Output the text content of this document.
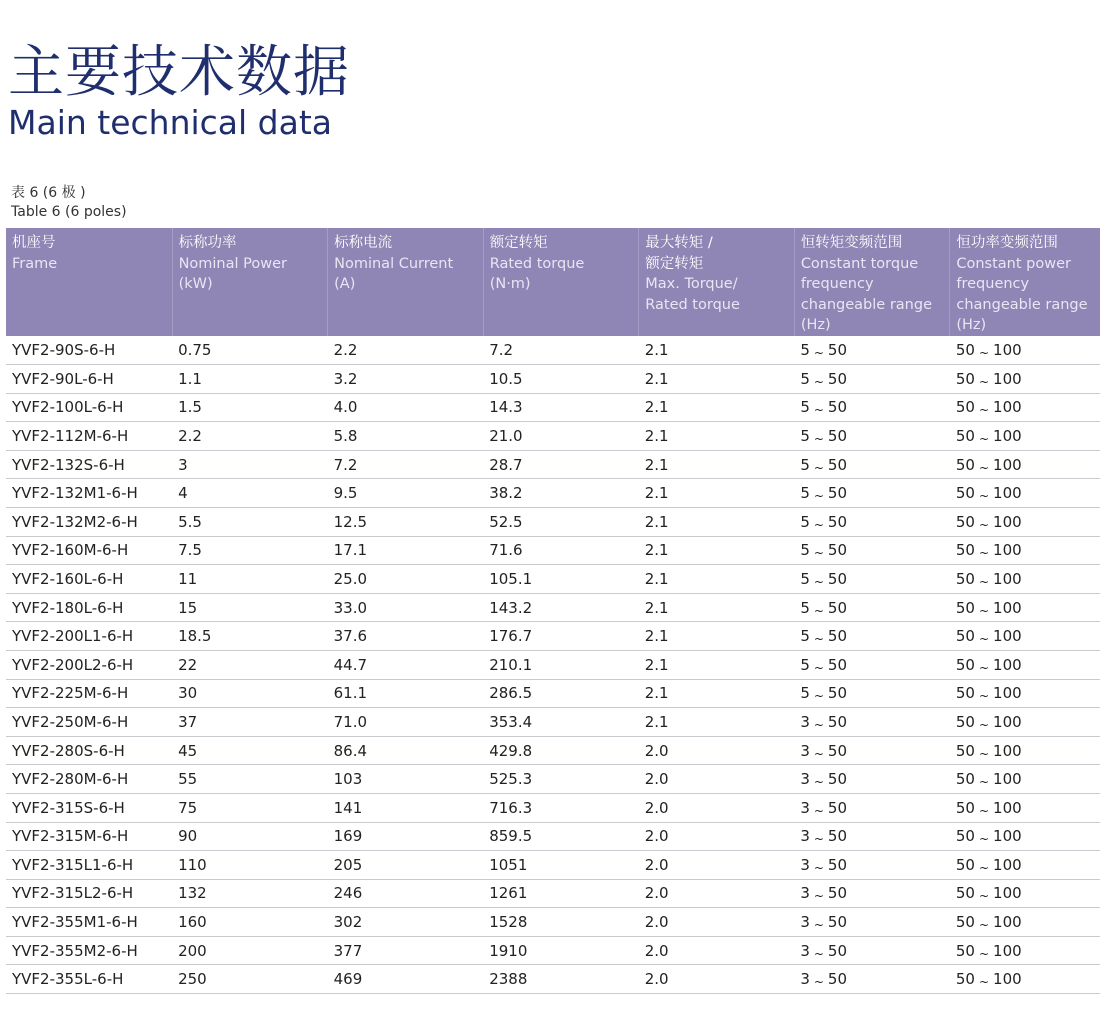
主要技术数据
Main technical data
表 6 (6 极 )
Table 6 (6 poles)
机座号
Frame	标称功率
Nominal Power
(kW)	标称电流
Nominal Current
(A)	额定转矩
Rated torque
(N·m)	最大转矩 /
额定转矩
Max. Torque/
Rated torque	恒转矩变频范围
Constant torque
frequency
changeable range
(Hz)	恒功率变频范围
Constant power
frequency
changeable range
(Hz)

YVF2-90S-6-H	0.75	2.2	7.2	2.1	5 ~ 50	50 ~ 100
YVF2-90L-6-H	1.1	3.2	10.5	2.1	5 ~ 50	50 ~ 100
YVF2-100L-6-H	1.5	4.0	14.3	2.1	5 ~ 50	50 ~ 100
YVF2-112M-6-H	2.2	5.8	21.0	2.1	5 ~ 50	50 ~ 100
YVF2-132S-6-H	3	7.2	28.7	2.1	5 ~ 50	50 ~ 100
YVF2-132M1-6-H	4	9.5	38.2	2.1	5 ~ 50	50 ~ 100
YVF2-132M2-6-H	5.5	12.5	52.5	2.1	5 ~ 50	50 ~ 100
YVF2-160M-6-H	7.5	17.1	71.6	2.1	5 ~ 50	50 ~ 100
YVF2-160L-6-H	11	25.0	105.1	2.1	5 ~ 50	50 ~ 100
YVF2-180L-6-H	15	33.0	143.2	2.1	5 ~ 50	50 ~ 100
YVF2-200L1-6-H	18.5	37.6	176.7	2.1	5 ~ 50	50 ~ 100
YVF2-200L2-6-H	22	44.7	210.1	2.1	5 ~ 50	50 ~ 100
YVF2-225M-6-H	30	61.1	286.5	2.1	5 ~ 50	50 ~ 100
YVF2-250M-6-H	37	71.0	353.4	2.1	3 ~ 50	50 ~ 100
YVF2-280S-6-H	45	86.4	429.8	2.0	3 ~ 50	50 ~ 100
YVF2-280M-6-H	55	103	525.3	2.0	3 ~ 50	50 ~ 100
YVF2-315S-6-H	75	141	716.3	2.0	3 ~ 50	50 ~ 100
YVF2-315M-6-H	90	169	859.5	2.0	3 ~ 50	50 ~ 100
YVF2-315L1-6-H	110	205	1051	2.0	3 ~ 50	50 ~ 100
YVF2-315L2-6-H	132	246	1261	2.0	3 ~ 50	50 ~ 100
YVF2-355M1-6-H	160	302	1528	2.0	3 ~ 50	50 ~ 100
YVF2-355M2-6-H	200	377	1910	2.0	3 ~ 50	50 ~ 100
YVF2-355L-6-H	250	469	2388	2.0	3 ~ 50	50 ~ 100
